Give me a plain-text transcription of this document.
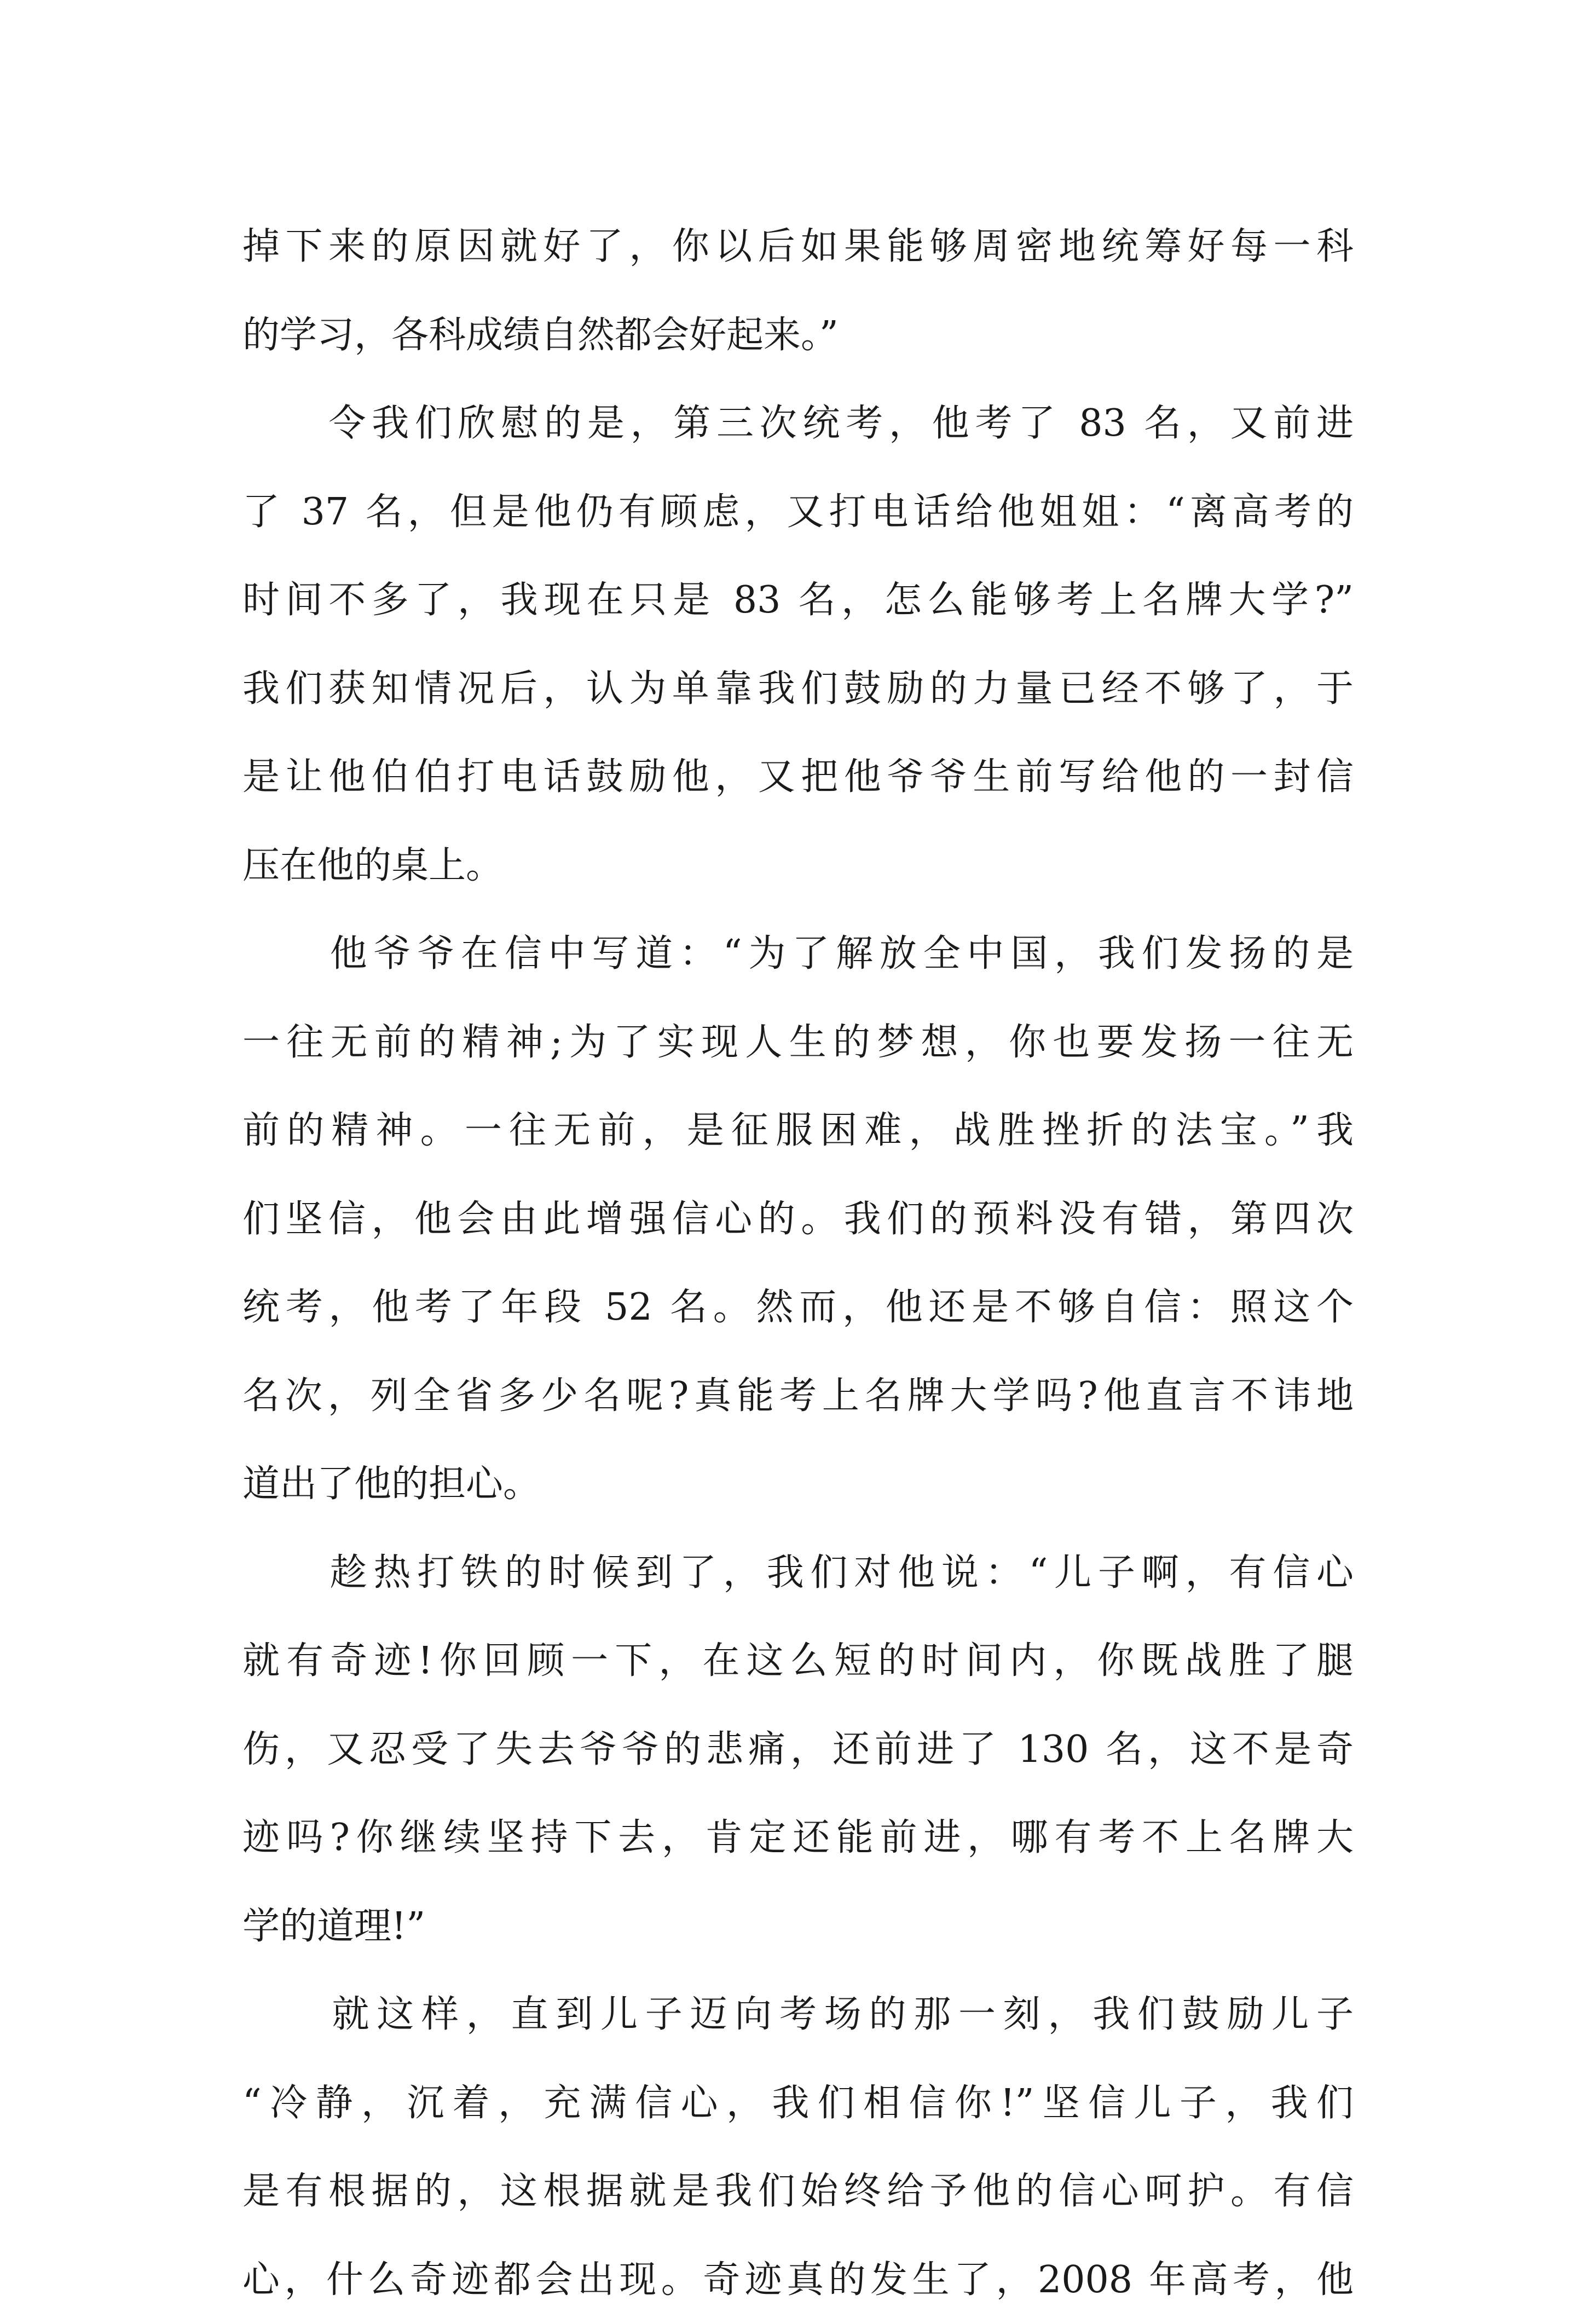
掉下来的原因就好了，你以后如果能够周密地统筹好每一科
的学习，各科成绩自然都会好起来。”
　　令我们欣慰的是，第三次统考，他考了 83 名，又前进
了 37 名，但是他仍有顾虑，又打电话给他姐姐：“离高考的
时间不多了，我现在只是 83 名，怎么能够考上名牌大学?”
我们获知情况后，认为单靠我们鼓励的力量已经不够了，于
是让他伯伯打电话鼓励他，又把他爷爷生前写给他的一封信
压在他的桌上。
　　他爷爷在信中写道：“为了解放全中国，我们发扬的是
一往无前的精神;为了实现人生的梦想，你也要发扬一往无
前的精神。一往无前，是征服困难，战胜挫折的法宝。”我
们坚信，他会由此增强信心的。我们的预料没有错，第四次
统考，他考了年段 52 名。然而，他还是不够自信：照这个
名次，列全省多少名呢?真能考上名牌大学吗?他直言不讳地
道出了他的担心。
　　趁热打铁的时候到了，我们对他说：“儿子啊，有信心
就有奇迹!你回顾一下，在这么短的时间内，你既战胜了腿
伤，又忍受了失去爷爷的悲痛，还前进了 130 名，这不是奇
迹吗?你继续坚持下去，肯定还能前进，哪有考不上名牌大
学的道理!”
　　就这样，直到儿子迈向考场的那一刻，我们鼓励儿子
“冷静，沉着，充满信心，我们相信你!”坚信儿子，我们
是有根据的，这根据就是我们始终给予他的信心呵护。有信
心，什么奇迹都会出现。奇迹真的发生了，2008 年高考，他
